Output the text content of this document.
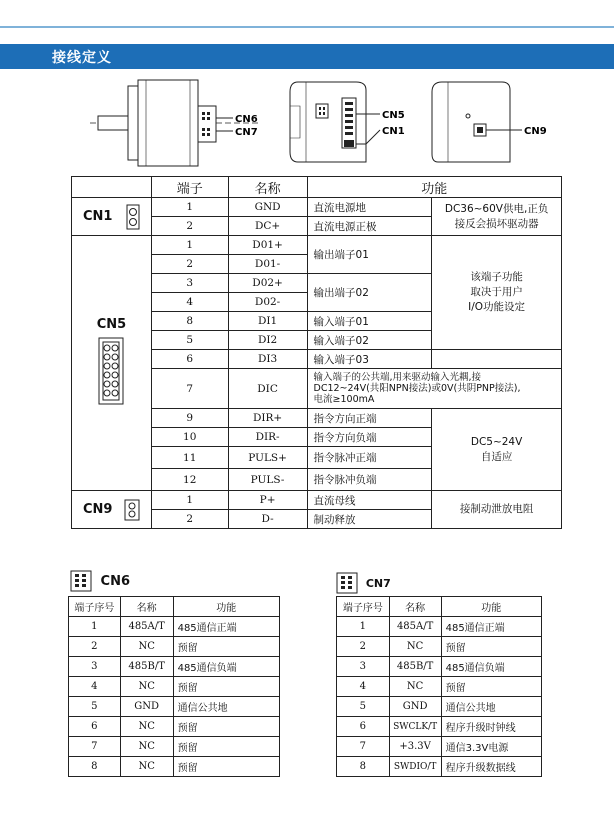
接线定义
CN6
CN7
CN5
CN1	CN9
	端子	名称	功能	
CN1	1	GND	直流电源地	DC36~60V供电,正负
接反会损坏驱动器

	2	DC+	直流电源正极	

CN5	1	D01+	输出端子01	该端子功能
取决于用户
I/O功能设定

	2	D01-		
	3	D02+	输出端子02	
	4	D02-		
	8	DI1	输入端子01	
	5	DI2	输入端子02	
	6	DI3	输入端子03	
	7	DIC	输入端子的公共端,用来驱动输入光耦,接
DC12~24V(共阳NPN接法)或0V(共阴PNP接法),
电流≥100mA	

	9	DIR+	指令方向正端	DC5~24V
自适应

	10	DIR-	指令方向负端	
	11	PULS+	指令脉冲正端	
	12	PULS-	指令脉冲负端	
CN9	1	P+	直流母线	接制动泄放电阻
	2	D-	制动释放	
CN6
端子序号	名称	功能
1	485A/T	485通信正端
2	NC	预留
3	485B/T	485通信负端
4	NC	预留
5	GND	通信公共地
6	NC	预留
7	NC	预留
8	NC	预留
CN7
端子序号	名称	功能
1	485A/T	485通信正端
2	NC	预留
3	485B/T	485通信负端
4	NC	预留
5	GND	通信公共地
6	SWCLK/T	程序升级时钟线
7	+3.3V	通信3.3V电源
8	SWDIO/T	程序升级数据线
